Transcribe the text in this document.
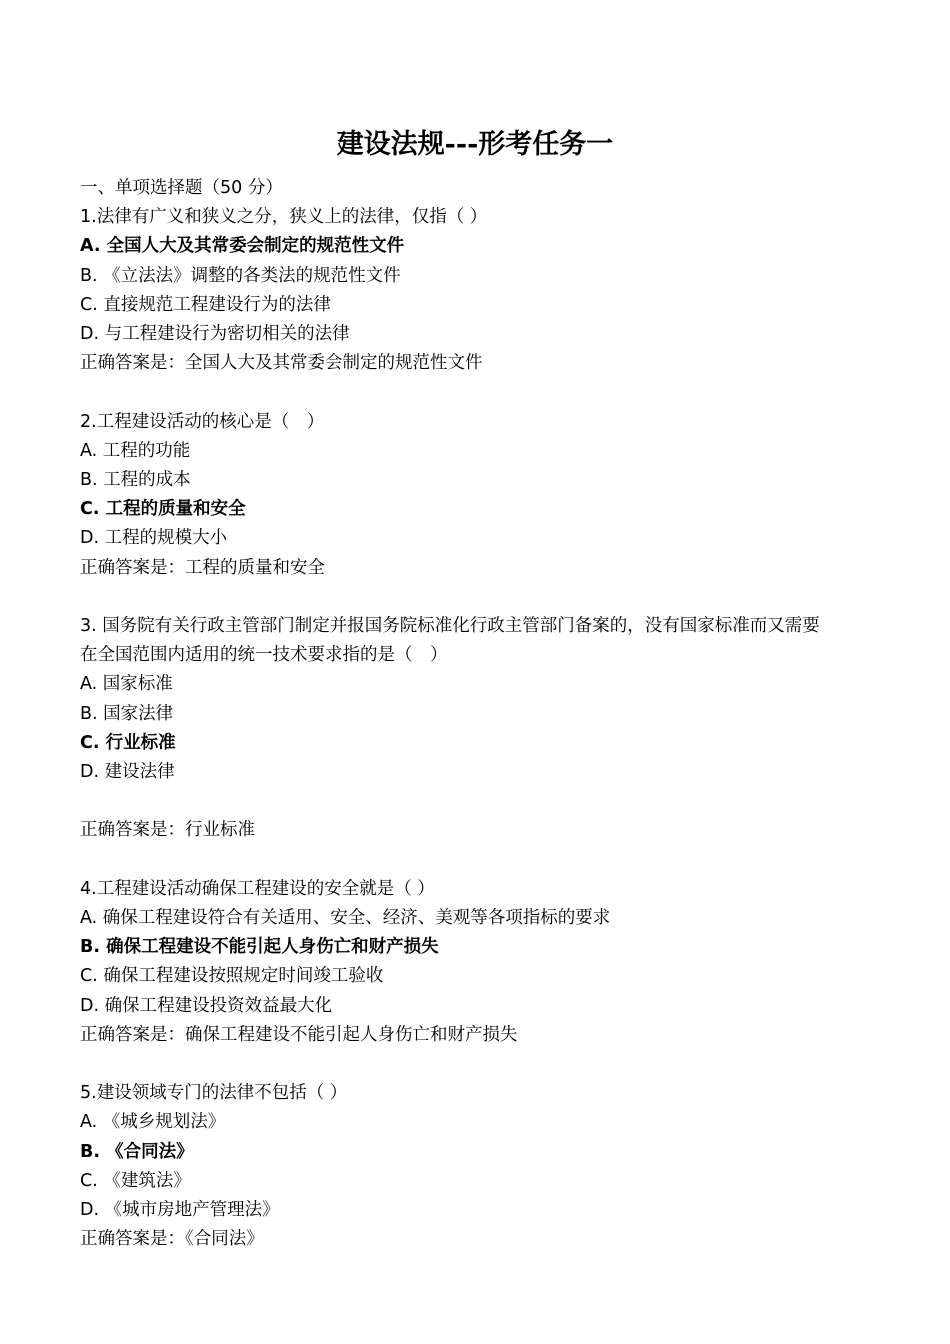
建设法规---形考任务一
一、单项选择题（50 分）
1.法律有广义和狭义之分，狭义上的法律，仅指（ ）
A. 全国人大及其常委会制定的规范性文件
B. 《立法法》调整的各类法的规范性文件
C. 直接规范工程建设行为的法律
D. 与工程建设行为密切相关的法律
正确答案是：全国人大及其常委会制定的规范性文件
2.工程建设活动的核心是（　）
A. 工程的功能
B. 工程的成本
C. 工程的质量和安全
D. 工程的规模大小
正确答案是：工程的质量和安全
3. 国务院有关行政主管部门制定并报国务院标准化行政主管部门备案的，没有国家标准而又需要
在全国范围内适用的统一技术要求指的是（　）
A. 国家标准
B. 国家法律
C. 行业标准
D. 建设法律
正确答案是：行业标准
4.工程建设活动确保工程建设的安全就是（ ）
A. 确保工程建设符合有关适用、安全、经济、美观等各项指标的要求
B. 确保工程建设不能引起人身伤亡和财产损失
C. 确保工程建设按照规定时间竣工验收
D. 确保工程建设投资效益最大化
正确答案是：确保工程建设不能引起人身伤亡和财产损失
5.建设领域专门的法律不包括（ ）
A. 《城乡规划法》
B. 《合同法》
C. 《建筑法》
D. 《城市房地产管理法》
正确答案是：《合同法》
